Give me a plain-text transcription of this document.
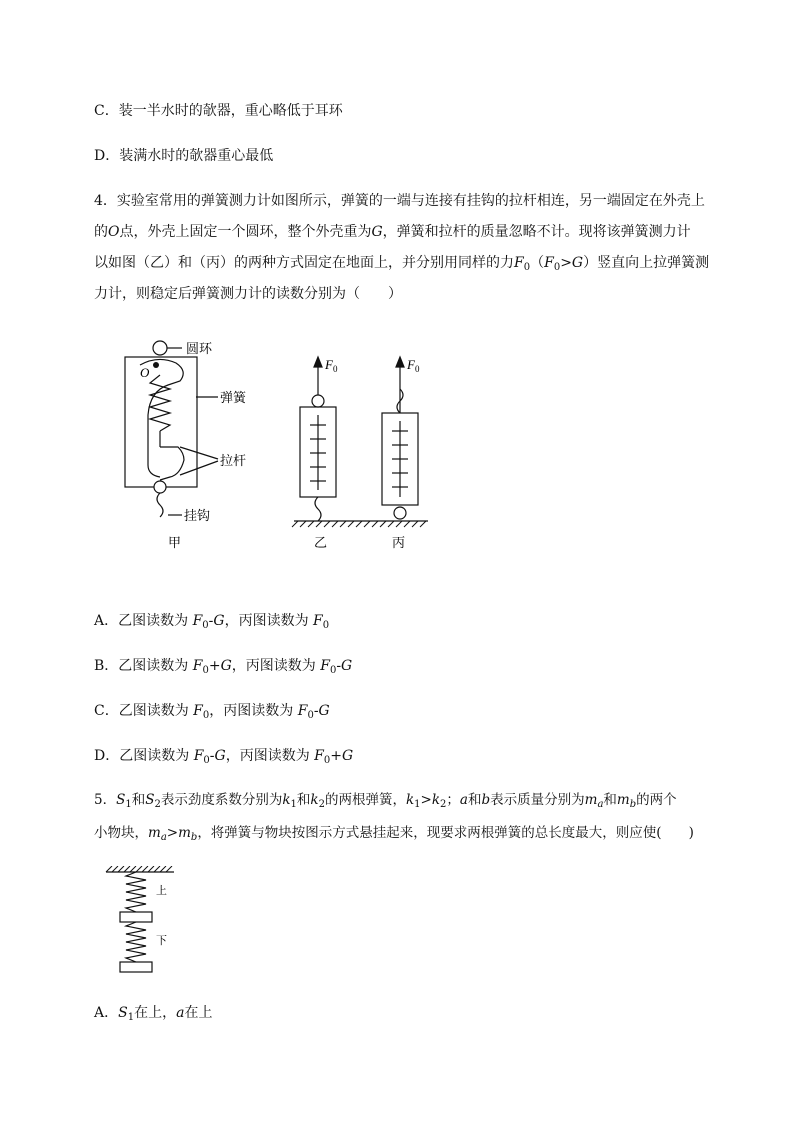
C．装一半水时的欹器，重心略低于耳环
D．装满水时的欹器重心最低
4．实验室常用的弹簧测力计如图所示，弹簧的一端与连接有挂钩的拉杆相连，另一端固定在外壳上
的O点，外壳上固定一个圆环，整个外壳重为G，弹簧和拉杆的质量忽略不计。现将该弹簧测力计
以如图（乙）和（丙）的两种方式固定在地面上，并分别用同样的力$F_0(F_0>G)$竖直向上拉弹簧测
力计，则稳定后弹簧测力计的读数分别为（　　）
O
圆环
弹簧
拉杆
挂钩
甲	乙	丙
$F_0$	$F_0$
A．乙图读数为 $F_0-G$，丙图读数为 $F_0$
B．乙图读数为 $F_0+G$，丙图读数为 $F_0-G$
C．乙图读数为 $F_0$，丙图读数为 $F_0-G$
D．乙图读数为 $F_0-G$，丙图读数为 $F_0+G$
5．$S_1$和$S_2$表示劲度系数分别为$k_1$和$k_2$的两根弹簧，$k_1>k_2$；a和b表示质量分别为$m_a$和$m_b$的两个
小物块，$m_a>m_b$，将弹簧与物块按图示方式悬挂起来，现要求两根弹簧的总长度最大，则应使(　　)
上
下
A．$S_1$在上，a在上
